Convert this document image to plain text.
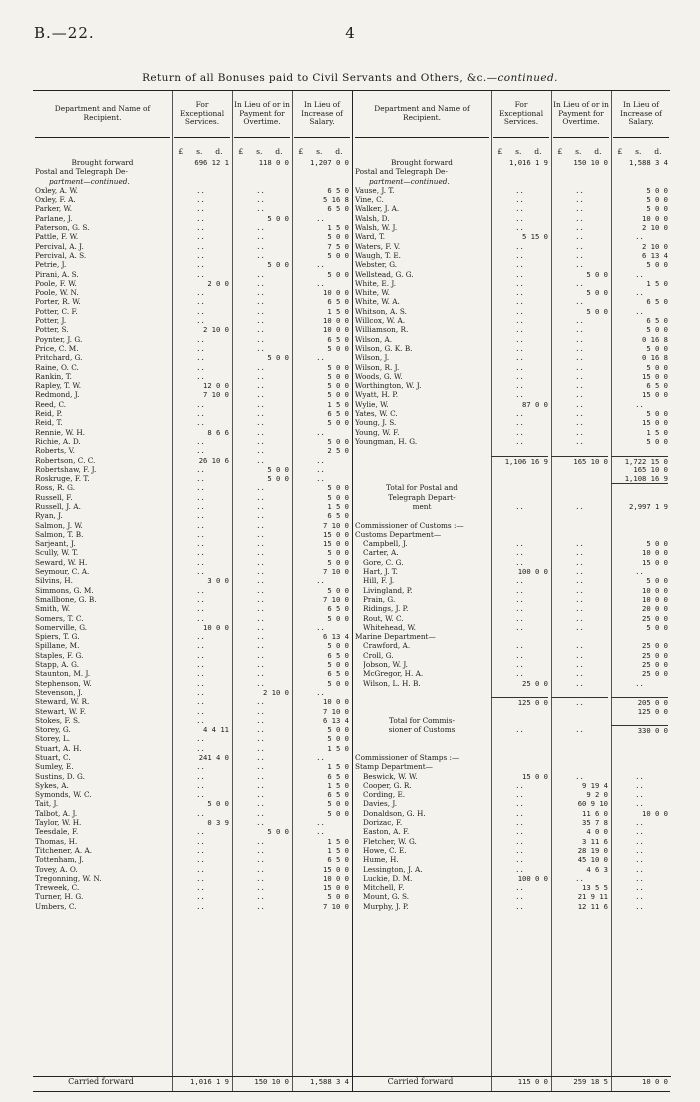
B.—22.	4
Return of all Bonuses paid to Civil Servants and Others, &c.—continued.
Department and Name of Recipient.
For Exceptional Services.
In Lieu of or in Payment for Overtime.
In Lieu of Increase of Salary.
£ s. d. £ s. d. £ s. d.
Brought forward	696 12 1	118 0 0	1,207 0 0
Postal and Telegraph De-
partment—continued.
Oxley, A. W.	..	..	6 5 0
Oxley, F. A.	..	..	5 16 8
Parker, W.	..	..	6 5 0
Parlane, J.	..	5 0 0	..
Paterson, G. S.	..	..	1 5 0
Pattle, F. W.	..	..	5 0 0
Percival, A. J.	..	..	7 5 0
Percival, A. S.	..	..	5 0 0
Petrie, J.	..	5 0 0	..
Pirani, A. S.	..	..	5 0 0
Poole, F. W.	2 0 0	..	..
Poole, W. N.	..	..	10 0 0
Porter, R. W.	..	..	6 5 0
Potter, C. F.	..	..	1 5 0
Potter, J.	..	..	10 0 0
Potter, S.	2 10 0	..	10 0 0
Poynter, J. G.	..	..	6 5 0
Price, C. M.	..	..	5 0 0
Pritchard, G.	..	5 0 0	..
Raine, O. C.	..	..	5 0 0
Rankin, T.	..	..	5 0 0
Rapley, T. W.	12 0 0	..	5 0 0
Redmond, J.	7 10 0	..	5 0 0
Reed, C.	..	..	1 5 0
Reid, P.	..	..	6 5 0
Reid, T.	..	..	5 0 0
Rennie, W. H.	8 6 6	..	..
Richie, A. D.	..	..	5 0 0
Roberts, V.	..	..	2 5 0
Robertson, C. C.	26 10 6	..	..
Robertshaw, F. J.	..	5 0 0	..
Roskruge, F. T.	..	5 0 0	..
Ross, R. G.	..	..	5 0 0
Russell, F.	..	..	5 0 0
Russell, J. A.	..	..	1 5 0
Ryan, J.	..	..	6 5 0
Salmon, J. W.	..	..	7 10 0
Salmon, T. B.	..	..	15 0 0
Sarjeant, J.	..	..	15 0 0
Scully, W. T.	..	..	5 0 0
Seward, W. H.	..	..	5 0 0
Seymour, C. A.	..	..	7 10 0
Silvins, H.	3 0 0	..	..
Simmons, G. M.	..	..	5 0 0
Smallbone, G. B.	..	..	7 10 0
Smith, W.	..	..	6 5 0
Somers, T. C.	..	..	5 0 0
Somerville, G.	10 0 0	..	..
Spiers, T. G.	..	..	6 13 4
Spillane, M.	..	..	5 0 0
Staples, F. G.	..	..	6 5 0
Stapp, A. G.	..	..	5 0 0
Staunton, M. J.	..	..	6 5 0
Stephenson, W.	..	..	5 0 0
Stevenson, J.	..	2 10 0	..
Steward, W. R.	..	..	10 0 0
Stewart, W. F.	..	..	7 10 0
Stokes, F. S.	..	..	6 13 4
Storey, G.	4 4 11	..	5 0 0
Storey, L.	..	..	5 0 0
Stuart, A. H.	..	..	1 5 0
Stuart, C.	241 4 0	..	..
Sumley, E.	..	..	1 5 0
Sustins, D. G.	..	..	6 5 0
Sykes, A.	..	..	1 5 0
Symonds, W. C.	..	..	6 5 0
Tait, J.	5 0 0	..	5 0 0
Talbot, A. J.	..	..	5 0 0
Taylor, W. H.	0 3 9	..	..
Teesdale, F.	..	5 0 0	..
Thomas, H.	..	..	1 5 0
Titchener, A. A.	..	..	1 5 0
Tottenham, J.	..	..	6 5 0
Tovey, A. O.	..	..	15 0 0
Tregonning, W. N.	..	..	10 0 0
Treweek, C.	..	..	15 0 0
Turner, H. G.	..	..	5 0 0
Umbers, C.	..	..	7 10 0
Carried forward	1,016 1 9	150 10 0	1,588 3 4
Department and Name of Recipient.
For Exceptional Services.
In Lieu of or in Payment for Overtime.
In Lieu of Increase of Salary.
£ s. d. £ s. d. £ s. d.
Brought forward	1,016 1 9	150 10 0	1,588 3 4
Postal and Telegraph De-
partment—continued.
Vause, J. T.	..	..	5 0 0
Vine, C.	..	..	5 0 0
Walker, J. A.	..	..	5 0 0
Walsh, D.	..	..	10 0 0
Walsh, W. J.	..	..	2 10 0
Ward, T.	5 15 0	..	..
Waters, F. V.	..	..	2 10 0
Waugh, T. E.	..	..	6 13 4
Webster, G.	..	..	5 0 0
Wellstead, G. G.	..	5 0 0	..
White, E. J.	..	..	1 5 0
White, W.	..	5 0 0	..
White, W. A.	..	..	6 5 0
Whitson, A. S.	..	5 0 0	..
Willcox, W. A.	..	..	6 5 0
Williamson, R.	..	..	5 0 0
Wilson, A.	..	..	0 16 8
Wilson, G. K. B.	..	..	5 0 0
Wilson, J.	..	..	0 16 8
Wilson, R. J.	..	..	5 0 0
Woods, G. W.	..	..	15 0 0
Worthington, W. J.	..	..	6 5 0
Wyatt, H. P.	..	..	15 0 0
Wylie, W.	87 0 0	..	..
Yates, W. C.	..	..	5 0 0
Young, J. S.	..	..	15 0 0
Young, W. F.	..	..	1 5 0
Youngman, H. G.	..	..	5 0 0
1,106 16 9	165 10 0	1,722 15 0
165 10 0
1,108 16 9
Total for Postal and
Telegraph Depart-
ment	..	..	2,997 1 9
Commissioner of Customs :—
Customs Department—
Campbell, J.	..	..	5 0 0
Carter, A.	..	..	10 0 0
Gore, C. G.	..	..	15 0 0
Hart, J. T.	100 0 0	..	..
Hill, F. J.	..	..	5 0 0
Livingland, P.	..	..	10 0 0
Prain, G.	..	..	10 0 0
Ridings, J. P.	..	..	20 0 0
Rout, W. C.	..	..	25 0 0
Whitehead, W.	..	..	5 0 0
Marine Department—
Crawford, A.	..	..	25 0 0
Croll, G.	..	..	25 0 0
Jobson, W. J.	..	..	25 0 0
McGregor, H. A.	..	..	25 0 0
Wilson, L. H. B.	25 0 0	..	..
125 0 0	..	205 0 0
125 0 0
Total for Commis-
sioner of Customs	..	..	330 0 0
Commissioner of Stamps :—
Stamp Department—
Beswick, W. W.	15 0 0	..	..
Cooper, G. R.	..	9 19 4	..
Cording, E.	..	9 2 0	..
Davies, J.	..	60 9 10	..
Donaldson, G. H.	..	11 6 0	10 0 0
Dorizac, F.	..	35 7 8	..
Easton, A. F.	..	4 0 0	..
Fletcher, W. G.	..	3 11 6	..
Howe, C. E.	..	28 19 0	..
Hume, H.	..	45 10 0	..
Lessington, J. A.	..	4 6 3	..
Luckie, D. M.	100 0 0	..	..
Mitchell, F.	..	13 5 5	..
Mount, G. S.	..	21 9 11	..
Murphy, J. P.	..	12 11 6	..
Carried forward	115 0 0	259 18 5	10 0 0
